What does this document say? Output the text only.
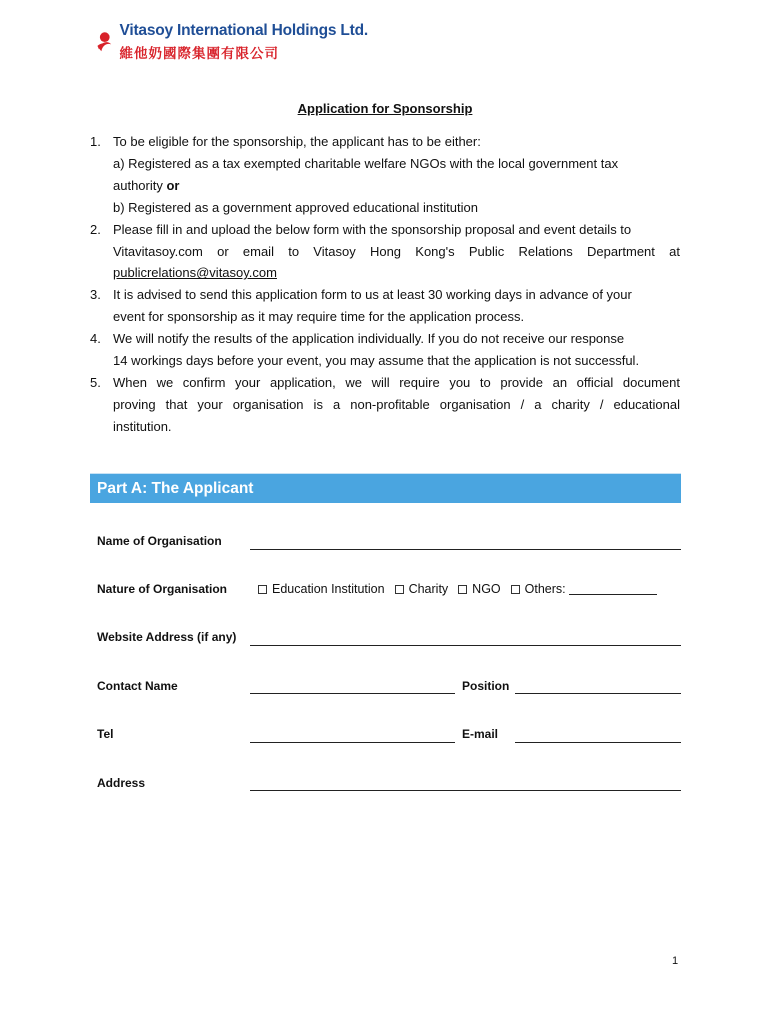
Vitasoy International Holdings Ltd.
維他奶國際集團有限公司
Application for Sponsorship
1. To be eligible for the sponsorship, the applicant has to be either:
a) Registered as a tax exempted charitable welfare NGOs with the local government tax
authority or
b) Registered as a government approved educational institution
2. Please fill in and upload the below form with the sponsorship proposal and event details to
Vitavitasoy.com or email to Vitasoy Hong Kong's Public Relations Department at
publicrelations@vitasoy.com
3. It is advised to send this application form to us at least 30 working days in advance of your
event for sponsorship as it may require time for the application process.
4. We will notify the results of the application individually. If you do not receive our response
14 workings days before your event, you may assume that the application is not successful.
5. When we confirm your application, we will require you to provide an official document
proving that your organisation is a non-profitable organisation / a charity / educational
institution.
Part A: The Applicant
Name of Organisation
Nature of Organisation	Education Institution Charity NGO Others:
Website Address (if any)
Contact Name	Position
Tel	E-mail
Address
1
